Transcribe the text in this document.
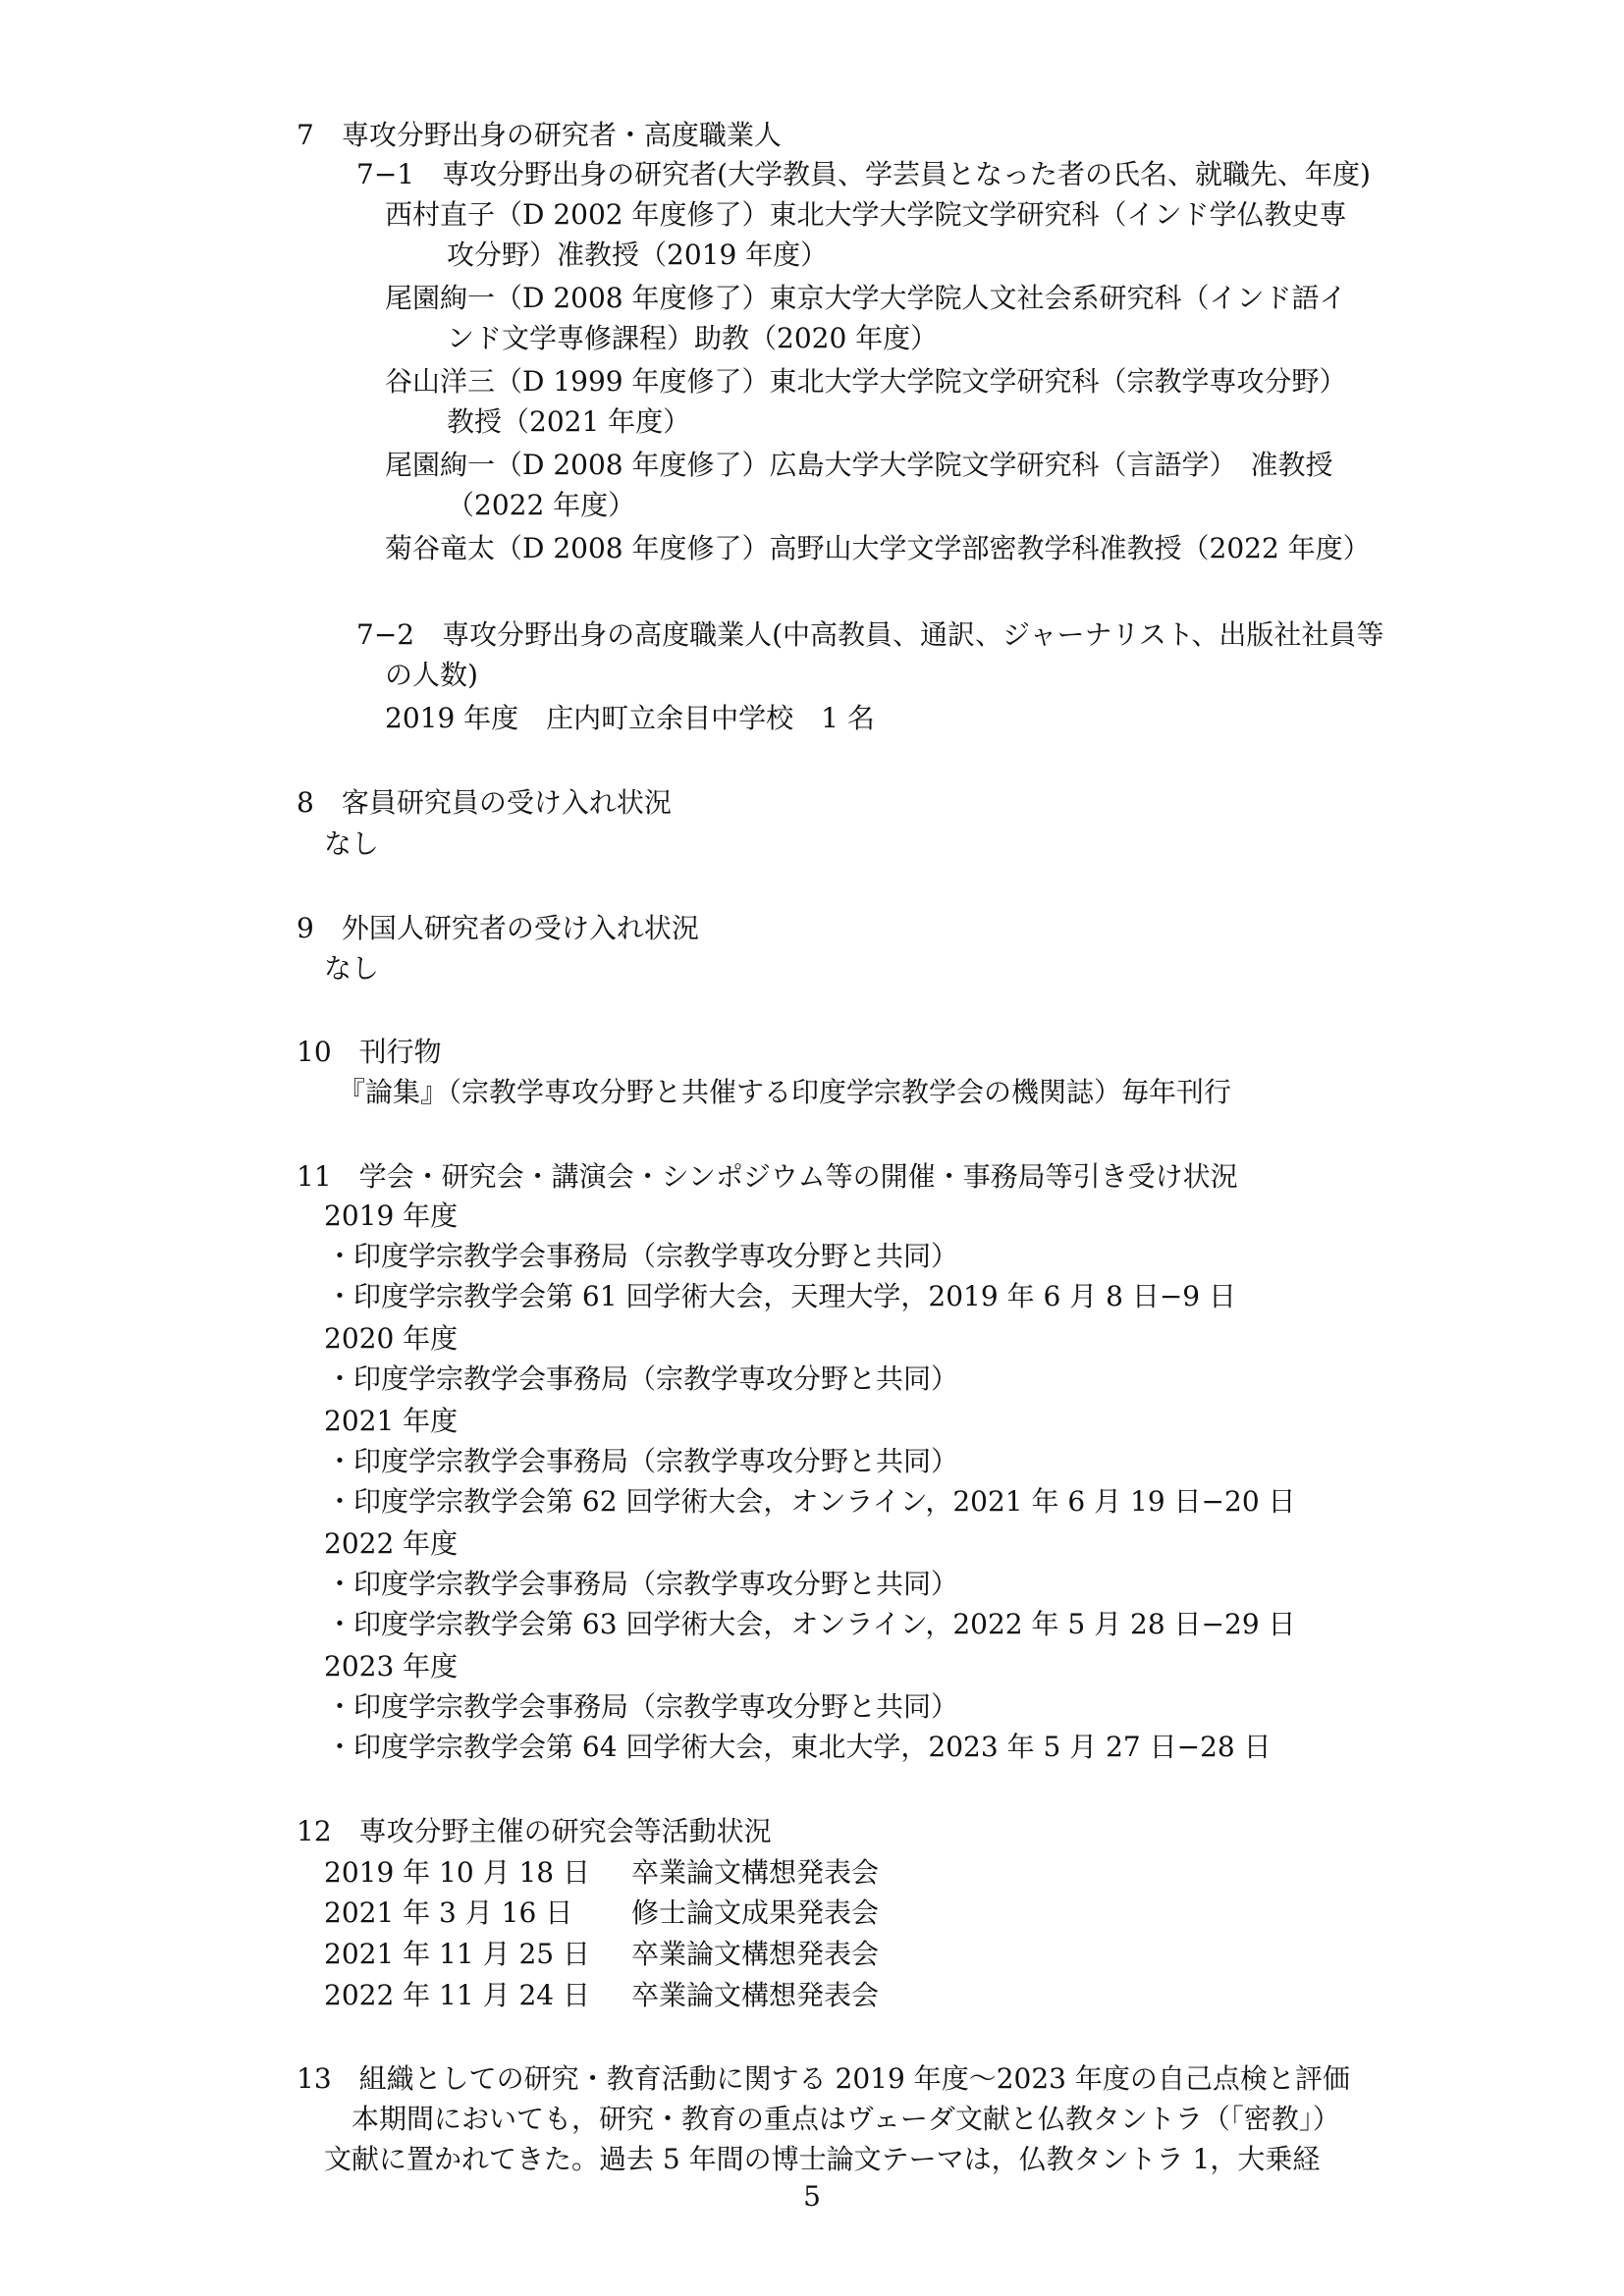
7　専攻分野出身の研究者・高度職業人
7−1　専攻分野出身の研究者(大学教員、学芸員となった者の氏名、就職先、年度)
西村直子（D 2002 年度修了）東北大学大学院文学研究科（インド学仏教史専
攻分野）准教授（2019 年度）
尾園絢一（D 2008 年度修了）東京大学大学院人文社会系研究科（インド語イ
ンド文学専修課程）助教（2020 年度）
谷山洋三（D 1999 年度修了）東北大学大学院文学研究科（宗教学専攻分野）
教授（2021 年度）
尾園絢一（D 2008 年度修了）広島大学大学院文学研究科（言語学）　准教授
（2022 年度）
菊谷竜太（D 2008 年度修了）高野山大学文学部密教学科准教授（2022 年度）
7−2　専攻分野出身の高度職業人(中高教員、通訳、ジャーナリスト、出版社社員等
の人数)
2019 年度　庄内町立余目中学校　1 名
8　客員研究員の受け入れ状況
なし
9　外国人研究者の受け入れ状況
なし
10　刊行物
『論集』（宗教学専攻分野と共催する印度学宗教学会の機関誌）毎年刊行
11　学会・研究会・講演会・シンポジウム等の開催・事務局等引き受け状況
2019 年度
・印度学宗教学会事務局（宗教学専攻分野と共同）
・印度学宗教学会第 61 回学術大会，天理大学，2019 年 6 月 8 日−9 日
2020 年度
・印度学宗教学会事務局（宗教学専攻分野と共同）
2021 年度
・印度学宗教学会事務局（宗教学専攻分野と共同）
・印度学宗教学会第 62 回学術大会，オンライン，2021 年 6 月 19 日−20 日
2022 年度
・印度学宗教学会事務局（宗教学専攻分野と共同）
・印度学宗教学会第 63 回学術大会，オンライン，2022 年 5 月 28 日−29 日
2023 年度
・印度学宗教学会事務局（宗教学専攻分野と共同）
・印度学宗教学会第 64 回学術大会，東北大学，2023 年 5 月 27 日−28 日
12　専攻分野主催の研究会等活動状況
2019 年 10 月 18 日 卒業論文構想発表会
2021 年 3 月 16 日 修士論文成果発表会
2021 年 11 月 25 日 卒業論文構想発表会
2022 年 11 月 24 日 卒業論文構想発表会
13　組織としての研究・教育活動に関する 2019 年度〜2023 年度の自己点検と評価
本期間においても，研究・教育の重点はヴェーダ文献と仏教タントラ（「密教」）
文献に置かれてきた。過去 5 年間の博士論文テーマは，仏教タントラ 1，大乗経
5
